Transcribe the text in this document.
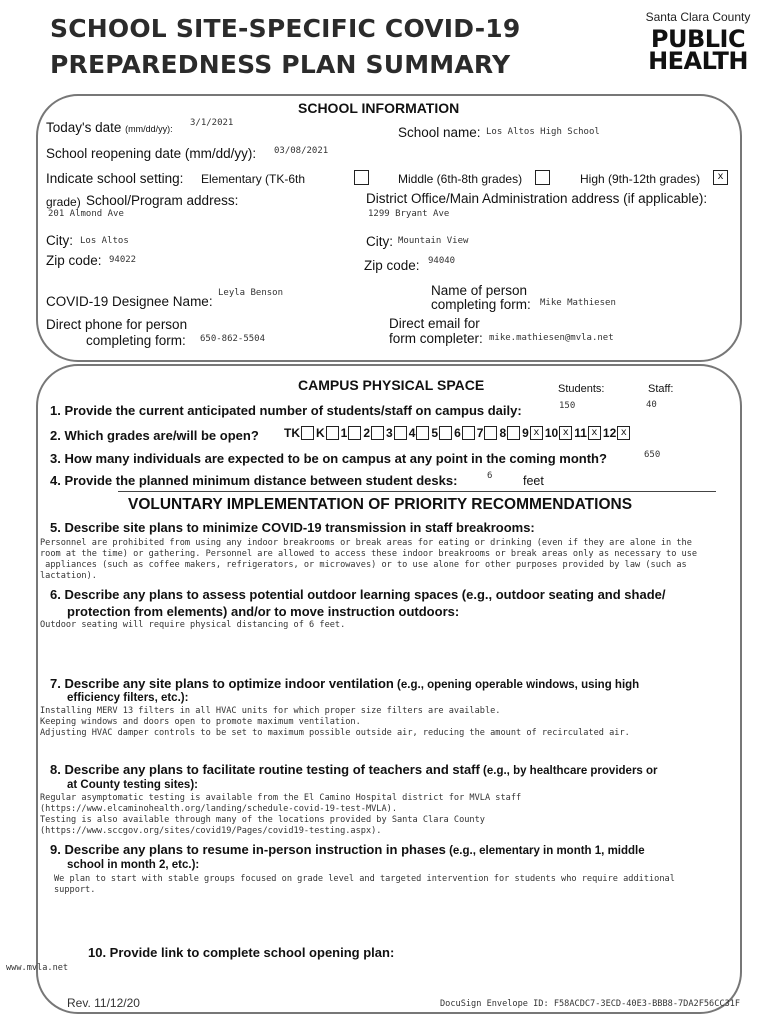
SCHOOL SITE-SPECIFIC COVID-19
PREPAREDNESS PLAN SUMMARY
Santa Clara County
PUBLIC
HEALTH
SCHOOL INFORMATION
Today's date (mm/dd/yy):
3/1/2021
School name: Los Altos High School
School reopening date (mm/dd/yy): 03/08/2021
Indicate school setting: Elementary (TK-6th	Middle (6th-8th grades)	High (9th-12th grades)	x
grade) School/Program address:
201 Almond Ave
District Office/Main Administration address (if applicable):
1299 Bryant Ave
City: Los Altos	City: Mountain View
Zip code: 94022	Zip code: 94040
COVID-19 Designee Name:
Leyla Benson	Name of person
completing form: Mike Mathiesen
Direct phone for person
completing form: 650-862-5504
Direct email for
form completer: mike.mathiesen@mvla.net
CAMPUS PHYSICAL SPACE	Students:	Staff:
1. Provide the current anticipated number of students/staff on campus daily:	150	40
2. Which grades are/will be open? TK K 1 2 3 4 5 6 7 8 9 x 10 x 11 x 12 x
3. How many individuals are expected to be on campus at any point in the coming month?	650
4. Provide the planned minimum distance between student desks:	6 feet
VOLUNTARY IMPLEMENTATION OF PRIORITY RECOMMENDATIONS
5. Describe site plans to minimize COVID-19 transmission in staff breakrooms:
Personnel are prohibited from using any indoor breakrooms or break areas for eating or drinking (even if they are alone in the
room at the time) or gathering. Personnel are allowed to access these indoor breakrooms or break areas only as necessary to use
appliances (such as coffee makers, refrigerators, or microwaves) or to use alone for other purposes provided by law (such as
lactation).
6. Describe any plans to assess potential outdoor learning spaces (e.g., outdoor seating and shade/
protection from elements) and/or to move instruction outdoors:
Outdoor seating will require physical distancing of 6 feet.
7. Describe any site plans to optimize indoor ventilation (e.g., opening operable windows, using high
efficiency filters, etc.):
Installing MERV 13 filters in all HVAC units for which proper size filters are available.
Keeping windows and doors open to promote maximum ventilation.
Adjusting HVAC damper controls to be set to maximum possible outside air, reducing the amount of recirculated air.
8. Describe any plans to facilitate routine testing of teachers and staff (e.g., by healthcare providers or
at County testing sites):
Regular asymptomatic testing is available from the El Camino Hospital district for MVLA staff
(https://www.elcaminohealth.org/landing/schedule-covid-19-test-MVLA).
Testing is also available through many of the locations provided by Santa Clara County
(https://www.sccgov.org/sites/covid19/Pages/covid19-testing.aspx).
9. Describe any plans to resume in-person instruction in phases (e.g., elementary in month 1, middle
school in month 2, etc.):
We plan to start with stable groups focused on grade level and targeted intervention for students who require additional
support.
10. Provide link to complete school opening plan:
www.mvla.net
Rev. 11/12/20	DocuSign Envelope ID: F58ACDC7-3ECD-40E3-BBB8-7DA2F56CC31F
